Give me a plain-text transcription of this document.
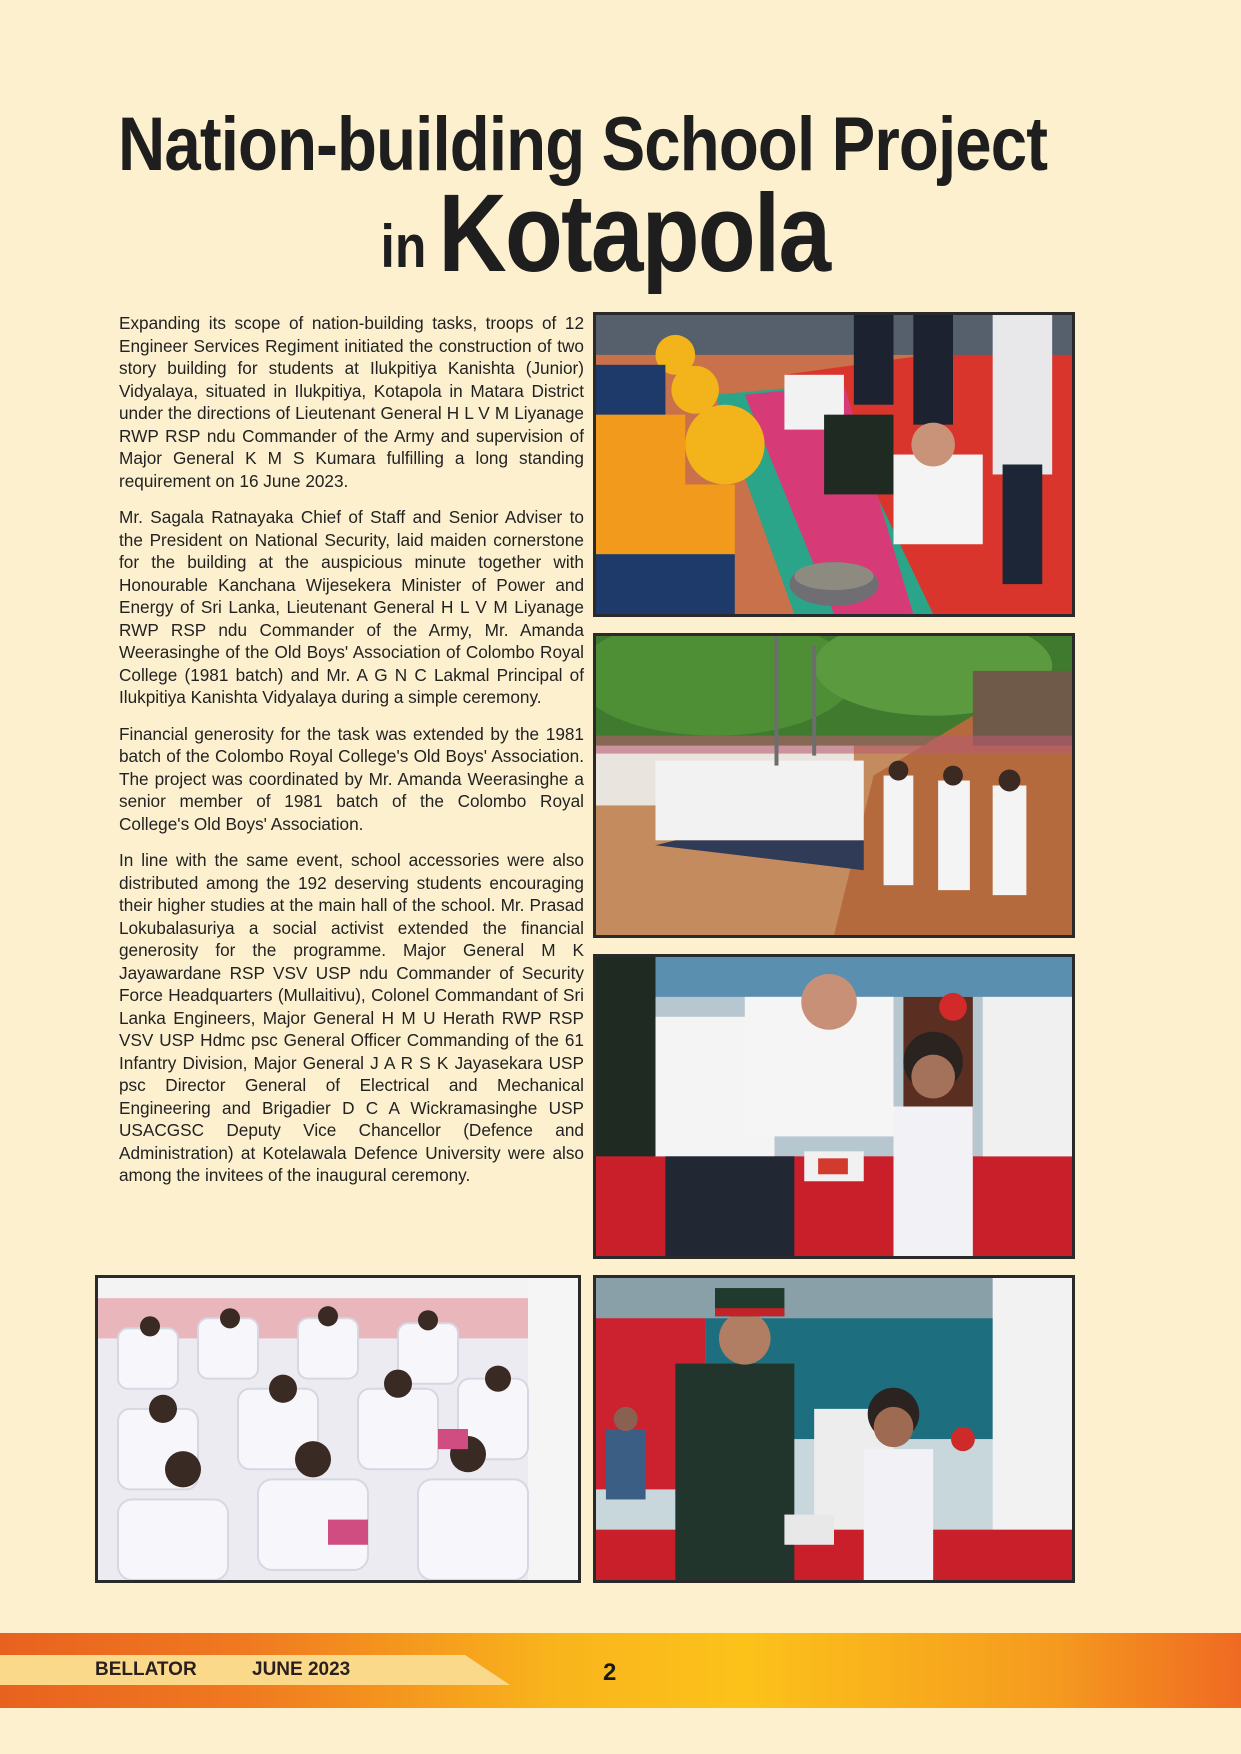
Nation-building School Project
in Kotapola

Expanding its scope of nation-building tasks, troops of 12 Engineer Services Regiment initiated the construction of two story building for students at Ilukpitiya Kanishta (Junior) Vidyalaya, situated in Ilukpitiya, Kotapola in Matara District under the directions of Lieutenant General H L V M Liyanage RWP RSP ndu Commander of the Army and supervision of Major General K M S Kumara fulfilling a long standing requirement on 16 June 2023.

Mr. Sagala Ratnayaka Chief of Staff and Senior Adviser to the President on National Security, laid maiden cornerstone for the building at the auspicious minute together with Honourable Kanchana Wijesekera Minister of Power and Energy of Sri Lanka, Lieutenant General H L V M Liyanage RWP RSP ndu Commander of the Army, Mr. Amanda Weerasinghe of the Old Boys' Association of Colombo Royal College (1981 batch) and Mr. A G N C Lakmal Principal of Ilukpitiya Kanishta Vidyalaya during a simple ceremony.

Financial generosity for the task was extended by the 1981 batch of the Colombo Royal College's Old Boys' Association. The project was coordinated by Mr. Amanda Weerasinghe a senior member of 1981 batch of the Colombo Royal College's Old Boys' Association.

In line with the same event, school accessories were also distributed among the 192 deserving students encouraging their higher studies at the main hall of the school. Mr. Prasad Lokubalasuriya a social activist extended the financial generosity for the programme. Major General M K Jayawardane RSP VSV USP ndu Commander of Security Force Headquarters (Mullaitivu), Colonel Commandant of Sri Lanka Engineers, Major General H M U Herath RWP RSP VSV USP Hdmc psc General Officer Commanding of the 61 Infantry Division, Major General J A R S K Jayasekara USP psc Director General of Electrical and Mechanical Engineering and Brigadier D C A Wickramasinghe USP USACGSC Deputy Vice Chancellor (Defence and Administration) at Kotelawala Defence University were also among the invitees of the inaugural ceremony.

BELLATOR	JUNE 2023	2
